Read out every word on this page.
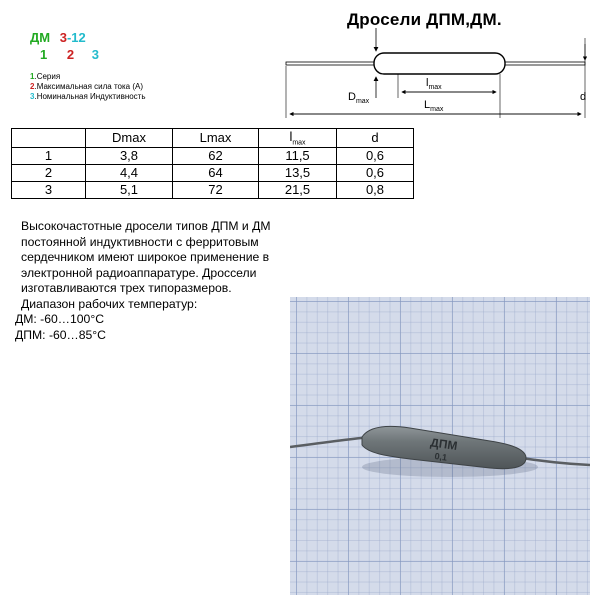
Дросели ДПМ,ДМ.
ДМ 3-12
1 2 3
1.Серия
2.Максимальная сила тока (А)
3.Номинальная Индуктивность
$l_{max}$
$L_{max}$
$D_{max}$	d
	Dmax	Lmax	$l_{max}$	d
1	3,8	62	11,5	0,6
2	4,4	64	13,5	0,6
3	5,1	72	21,5	0,8

Высокочастотные дросели типов ДПМ и ДМ постоянной индуктивности с ферритовым сердечником имеют широкое применение в электронной радиоаппаратуре. Дроссели изготавливаются трех типоразмеров.

Диапазон рабочих температур:

ДМ: -60…100°С

ДПМ: -60…85°С

ДПМ
0,1
